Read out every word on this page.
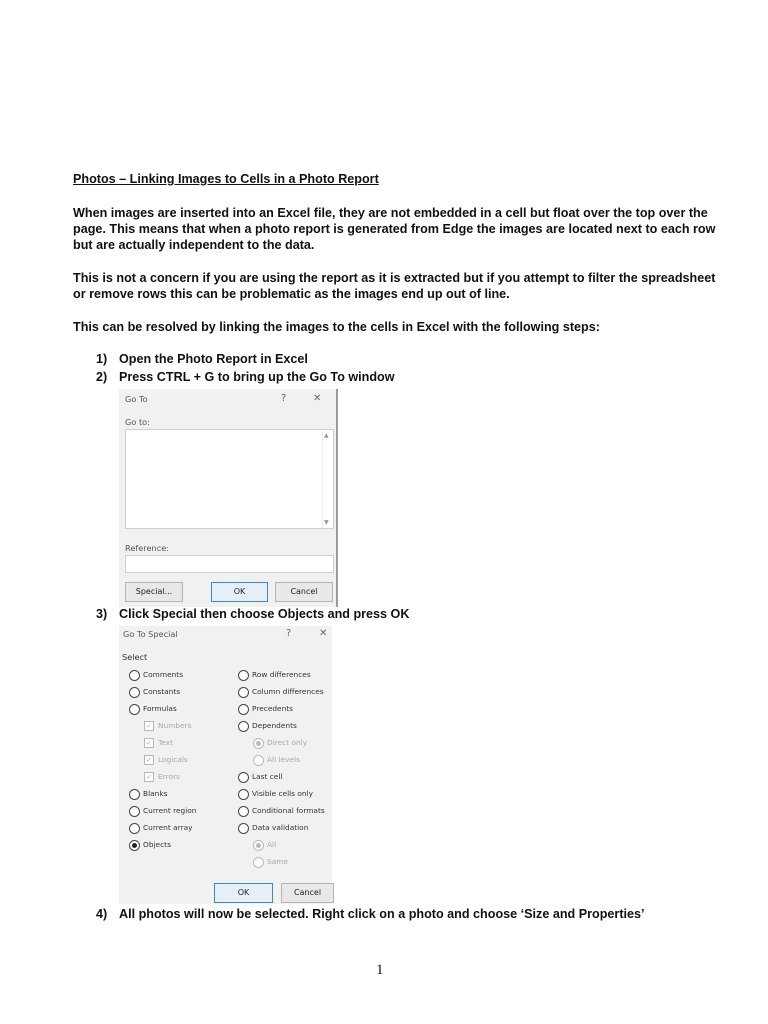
Photos – Linking Images to Cells in a Photo Report
When images are inserted into an Excel file, they are not embedded in a cell but float over the top over the
page. This means that when a photo report is generated from Edge the images are located next to each row
but are actually independent to the data.
This is not a concern if you are using the report as it is extracted but if you attempt to filter the spreadsheet
or remove rows this can be problematic as the images end up out of line.
This can be resolved by linking the images to the cells in Excel with the following steps:
1) Open the Photo Report in Excel
2) Press CTRL + G to bring up the Go To window
Go To	?	✕
Go to:
▲
▼
Reference:
Special...	OK	Cancel
3) Click Special then choose Objects and press OK
Go To Special	?	✕
Select
Comments
Constants
Formulas
✓ Numbers
✓ Text
✓ Logicals
✓ Errors
Blanks
Current region
Current array
Objects
Row differences
Column differences
Precedents
Dependents
Direct only
All levels
Last cell
Visible cells only
Conditional formats
Data validation
All
Same
OK	Cancel
4) All photos will now be selected. Right click on a photo and choose ‘Size and Properties’
1
